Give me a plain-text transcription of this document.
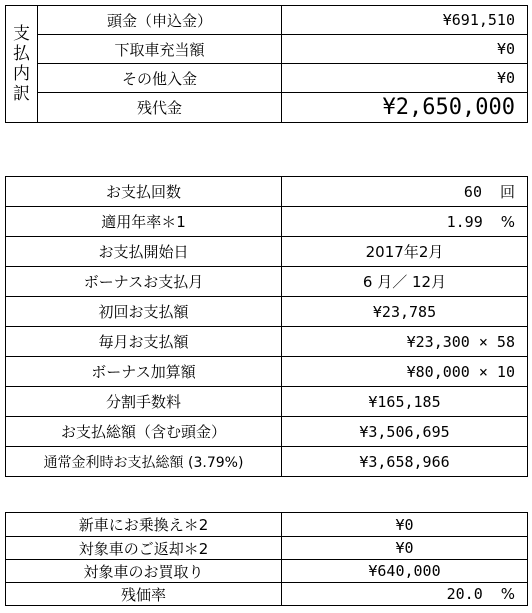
支
払
内
訳	頭金（申込金）	¥691,510
	下取車充当額	¥0
	その他入金	¥0
	残代金	¥2,650,000
お支払回数	60 回
適用年率＊1	1.99 %
お支払開始日	2017年2月
ボーナスお支払月	6 月／ 12月
初回お支払額	¥23,785
毎月お支払額	¥23,300 × 58
ボーナス加算額	¥80,000 × 10
分割手数料	¥165,185
お支払総額（含む頭金）	¥3,506,695
通常金利時お支払総額 (3.79%)	¥3,658,966
新車にお乗換え＊2	¥0
対象車のご返却＊2	¥0
対象車のお買取り	¥640,000
残価率	20.0 %
